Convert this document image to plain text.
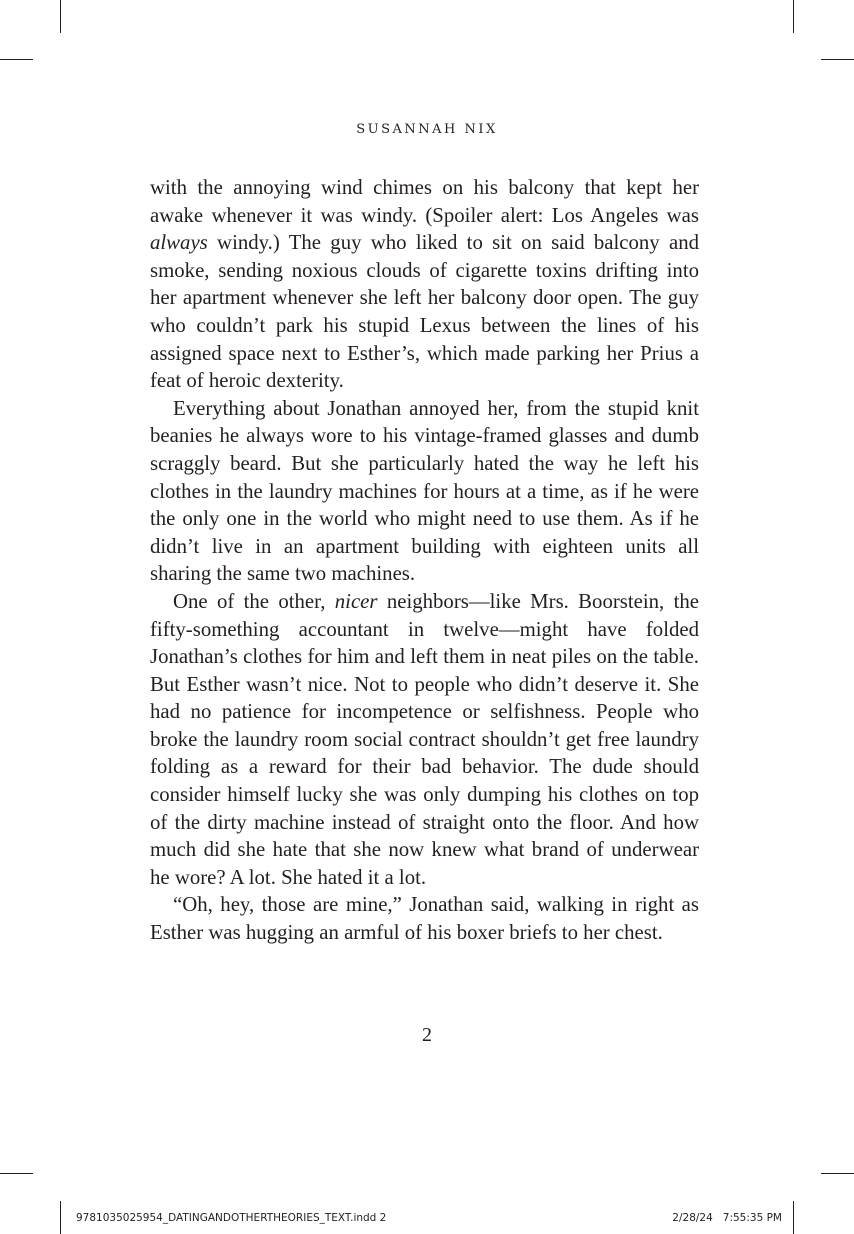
SUSANNAH NIX

with the annoying wind chimes on his balcony that kept her awake whenever it was windy. (Spoiler alert: Los Angeles was always windy.) The guy who liked to sit on said balcony and smoke, sending noxious clouds of cigarette toxins drifting into her apartment whenever she left her balcony door open. The guy who couldn’t park his stupid Lexus between the lines of his assigned space next to Esther’s, which made parking her Prius a feat of heroic dexterity.

Everything about Jonathan annoyed her, from the stupid knit beanies he always wore to his vintage-framed glasses and dumb scraggly beard. But she particularly hated the way he left his clothes in the laundry machines for hours at a time, as if he were the only one in the world who might need to use them. As if he didn’t live in an apartment building with eighteen units all sharing the same two machines.

One of the other, nicer neighbors—like Mrs. Boorstein, the fifty-something accountant in twelve—might have folded Jonathan’s clothes for him and left them in neat piles on the table. But Esther wasn’t nice. Not to people who didn’t deserve it. She had no patience for incompetence or selfishness. People who broke the laundry room social contract shouldn’t get free laundry folding as a reward for their bad behavior. The dude should consider himself lucky she was only dumping his clothes on top of the dirty machine instead of straight onto the floor. And how much did she hate that she now knew what brand of underwear he wore? A lot. She hated it a lot.

“Oh, hey, those are mine,” Jonathan said, walking in right as Esther was hugging an armful of his boxer briefs to her chest.

2

9781035025954_DATINGANDOTHERTHEORIES_TEXT.indd 2	2/28/24   7:55:35 PM
